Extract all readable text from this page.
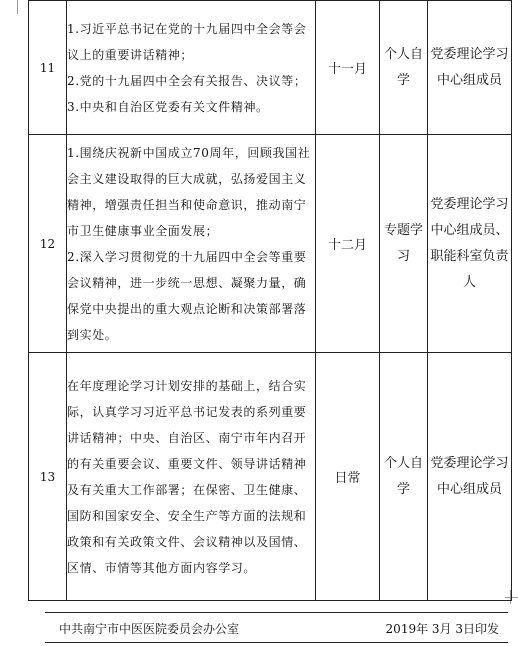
11	1.习近平总书记在党的十九届四中全会等会议上的重要讲话精神；
2.党的十九届四中全会有关报告、决议等；
3.中央和自治区党委有关文件精神。	十一月	个人自学	党委理论学习中心组成员
12	1.围绕庆祝新中国成立70周年，回顾我国社会主义建设取得的巨大成就，弘扬爱国主义精神，增强责任担当和使命意识，推动南宁市卫生健康事业全面发展；
2.深入学习贯彻党的十九届四中全会等重要会议精神，进一步统一思想、凝聚力量，确保党中央提出的重大观点论断和决策部署落到实处。	十二月	专题学习	党委理论学习中心组成员、职能科室负责人
13	在年度理论学习计划安排的基础上，结合实际，认真学习习近平总书记发表的系列重要讲话精神；中央、自治区、南宁市年内召开的有关重要会议、重要文件、领导讲话精神及有关重大工作部署；在保密、卫生健康、国防和国家安全、安全生产等方面的法规和政策和有关政策文件、会议精神以及国情、区情、市情等其他方面内容学习。	日常	个人自学	党委理论学习中心组成员
中共南宁市中医医院委员会办公室	2019年 3月 3日印发
